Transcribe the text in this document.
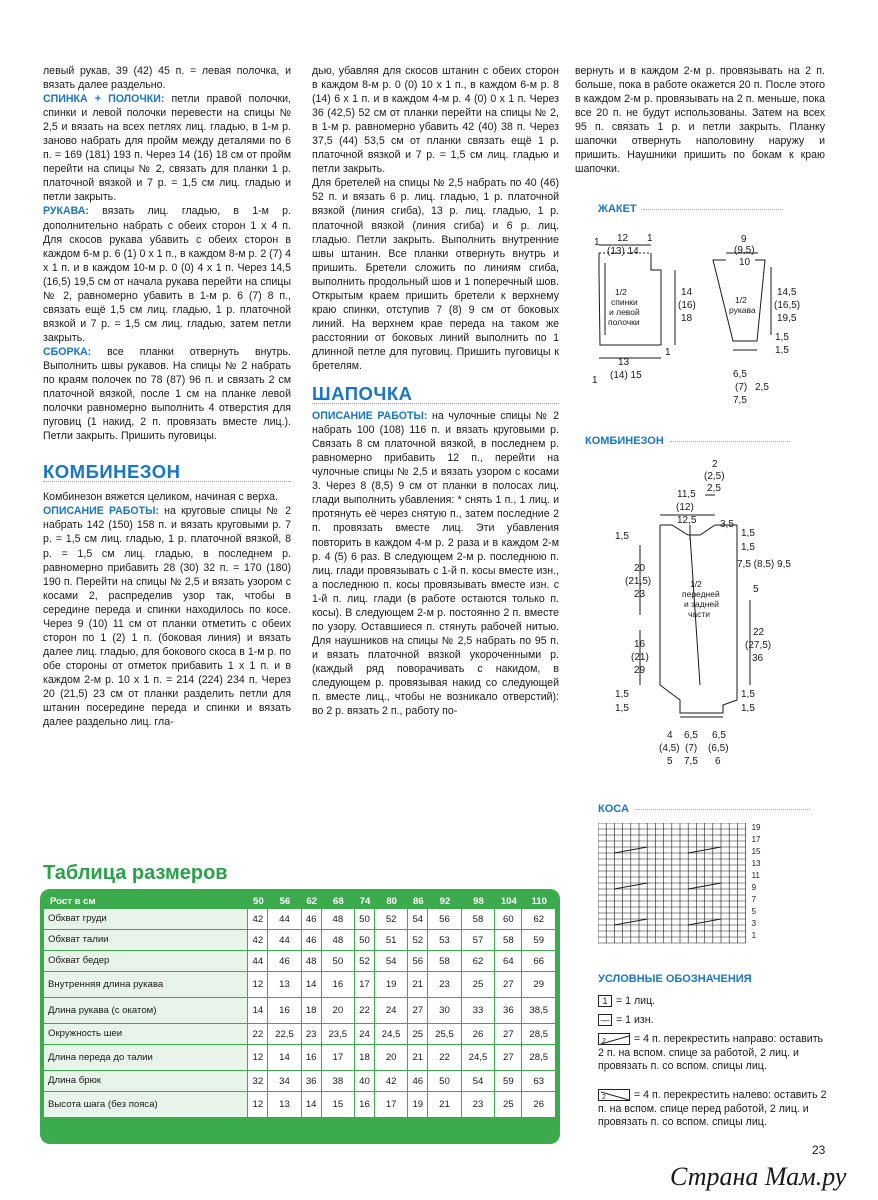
левый рукав, 39 (42) 45 п. = левая полочка, и вязать далее раздельно.

СПИНКА + ПОЛОЧКИ: петли правой полочки, спинки и левой полочки перевести на спицы № 2,5 и вязать на всех петлях лиц. гладью, в 1-м р. заново набрать для пройм между деталями по 6 п. = 169 (181) 193 п. Через 14 (16) 18 см от пройм перейти на спицы № 2, связать для планки 1 р. платочной вязкой и 7 р. = 1,5 см лиц. гладью и петли закрыть.

РУКАВА: вязать лиц. гладью, в 1-м р. дополнительно набрать с обеих сторон 1 х 4 п. Для скосов рукава убавить с обеих сторон в каждом 6-м р. 6 (1) 0 х 1 п., в каждом 8-м р. 2 (7) 4 х 1 п. и в каждом 10-м р. 0 (0) 4 х 1 п. Через 14,5 (16,5) 19,5 см от начала рукава перейти на спицы № 2, равномерно убавить в 1-м р. 6 (7) 8 п., связать ещё 1,5 см лиц. гладью, 1 р. платочной вязкой и 7 р. = 1,5 см лиц. гладью, затем петли закрыть.

СБОРКА: все планки отвернуть внутрь. Выполнить швы рукавов. На спицы № 2 набрать по краям полочек по 78 (87) 96 п. и связать 2 см платочной вязкой, после 1 см на планке левой полочки равномерно выполнить 4 отверстия для пуговиц (1 накид, 2 п. провязать вместе лиц.). Петли закрыть. Пришить пуговицы.

КОМБИНЕЗОН

Комбинезон вяжется целиком, начиная с верха.

ОПИСАНИЕ РАБОТЫ: на круговые спицы № 2 набрать 142 (150) 158 п. и вязать круговыми р. 7 р. = 1,5 см лиц. гладью, 1 р. платочной вязкой, 8 р. = 1,5 см лиц. гладью, в последнем р. равномерно прибавить 28 (30) 32 п. = 170 (180) 190 п. Перейти на спицы № 2,5 и вязать узором с косами 2, распределив узор так, чтобы в середине переда и спинки находилось по косе. Через 9 (10) 11 см от планки отметить с обеих сторон по 1 (2) 1 п. (боковая линия) и вязать далее лиц. гладью, для бокового скоса в 1-м р. по обе стороны от отметок прибавить 1 х 1 п. и в каждом 2-м р. 10 х 1 п. = 214 (224) 234 п. Через 20 (21,5) 23 см от планки разделить петли для штанин посередине переда и спинки и вязать далее раздельно лиц. гла-

дью, убавляя для скосов штанин с обеих сторон в каждом 8-м р. 0 (0) 10 х 1 п., в каждом 6-м р. 8 (14) 6 х 1 п. и в каждом 4-м р. 4 (0) 0 х 1 п. Через 36 (42,5) 52 см от планки перейти на спицы № 2, в 1-м р. равномерно убавить 42 (40) 38 п. Через 37,5 (44) 53,5 см от планки связать ещё 1 р. платочной вязкой и 7 р. = 1,5 см лиц. гладью и петли закрыть.

Для бретелей на спицы № 2,5 набрать по 40 (46) 52 п. и вязать 6 р. лиц. гладью, 1 р. платочной вязкой (линия сгиба), 13 р. лиц. гладью, 1 р. платочной вязкой (линия сгиба) и 6 р. лиц. гладью. Петли закрыть. Выполнить внутренние швы штанин. Все планки отвернуть внутрь и пришить. Бретели сложить по линиям сгиба, выполнить продольный шов и 1 поперечный шов. Открытым краем пришить бретели к верхнему краю спинки, отступив 7 (8) 9 см от боковых линий. На верхнем крае переда на таком же расстоянии от боковых линий выполнить по 1 длинной петле для пуговиц. Пришить пуговицы к бретелям.

ШАПОЧКА

ОПИСАНИЕ РАБОТЫ: на чулочные спицы № 2 набрать 100 (108) 116 п. и вязать круговыми р. Связать 8 см платочной вязкой, в последнем р. равномерно прибавить 12 п., перейти на чулочные спицы № 2,5 и вязать узором с косами 3. Через 8 (8,5) 9 см от планки в полосах лиц. глади выполнить убавления: * снять 1 п., 1 лиц. и протянуть её через снятую п., затем последние 2 п. провязать вместе лиц. Эти убавления повторить в каждом 4-м р. 2 раза и в каждом 2-м р. 4 (5) 6 раз. В следующем 2-м р. последнюю п. лиц. глади провязывать с 1-й п. косы вместе изн., а последнюю п. косы провязывать вместе изн. с 1-й п. лиц. глади (в работе остаются только п. косы). В следующем 2-м р. постоянно 2 п. вместе по узору. Оставшиеся п. стянуть рабочей нитью. Для наушников на спицы № 2,5 набрать по 95 п. и вязать платочной вязкой укороченными р. (каждый ряд поворачивать с накидом, в следующем р. провязывая накид со следующей п. вместе лиц., чтобы не возникало отверстий): во 2 р. вязать 2 п., работу по-

вернуть и в каждом 2-м р. провязывать на 2 п. больше, пока в работе окажется 20 п. После этого в каждом 2-м р. провязывать на 2 п. меньше, пока все 20 п. не будут использованы. Затем на всех 95 п. связать 1 р. и петли закрыть. Планку шапочки отвернуть наполовину наружу и пришить. Наушники пришить по бокам к краю шапочки.

ЖАКЕТ
1 12
(13) 14
1
1/2
спинки
и левой
полочки
14
(16)
18
13
(14) 15
1
1
9
(9,5)
10
1/2
рукава
14,5
(16,5)
19,5
1,5
1,5
6,5
(7)
7,5
2,5
КОМБИНЕЗОН
2
(2,5)
2,5
11,5
(12)
12,5 3,5
1,5	1,5
1,5
7,5 (8,5) 9,5
20
(21,5)
23
1/2
передней
и задней
части
5
22
(27,5)
36
16
(21)
29
1,5
1,5
1,5
1,5
4
(4,5)
5
6,5
(7)
7,5
6,5
(6,5)
6
КОСА
19
17
15
13
11
9
7
5
3
1
УСЛОВНЫЕ ОБОЗНАЧЕНИЯ
1 = 1 лиц.
— = 1 изн.
2	= 4 п. перекрестить направо: оставить 2 п. на вспом. спице за работой, 2 лиц. и провязать п. со вспом. спицы лиц.
2	= 4 п. перекрестить налево: оставить 2 п. на вспом. спице перед работой, 2 лиц. и провязать п. со вспом. спицы лиц.
Таблица размеров
Рост в см	50	56	62	68	74	80	86	92	98	104	110
Обхват груди	42	44	46	48	50	52	54	56	58	60	62
Обхват талии	42	44	46	48	50	51	52	53	57	58	59
Обхват бедер	44	46	48	50	52	54	56	58	62	64	66
Внутренняя длина рукава	12	13	14	16	17	19	21	23	25	27	29
Длина рукава (с окатом)	14	16	18	20	22	24	27	30	33	36	38,5
Окружность шеи	22	22,5	23	23,5	24	24,5	25	25,5	26	27	28,5
Длина переда до талии	12	14	16	17	18	20	21	22	24,5	27	28,5
Длина брюк	32	34	36	38	40	42	46	50	54	59	63
Высота шага (без пояса)	12	13	14	15	16	17	19	21	23	25	26
23
Страна Мам.ру
